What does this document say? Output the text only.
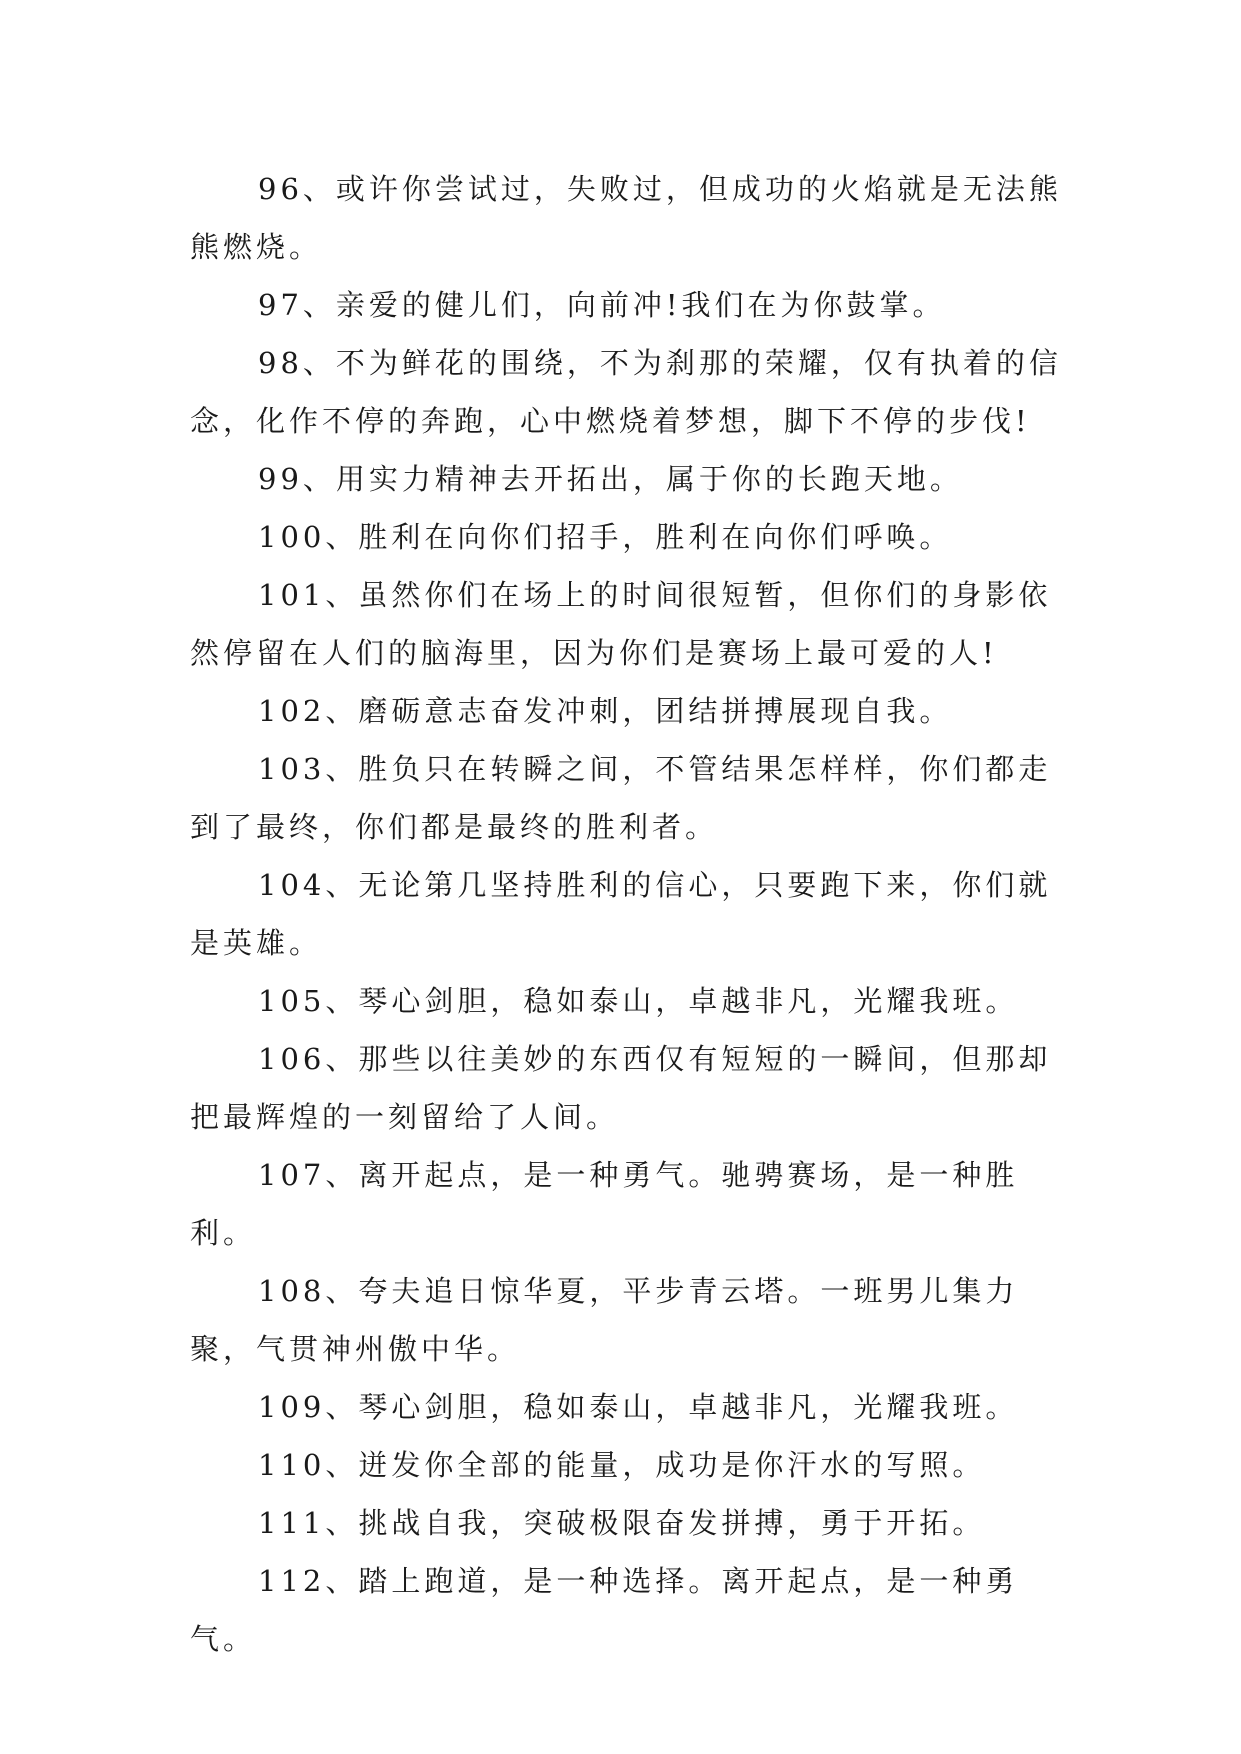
96、或许你尝试过，失败过，但成功的火焰就是无法熊熊燃烧。

97、亲爱的健儿们，向前冲!我们在为你鼓掌。

98、不为鲜花的围绕，不为刹那的荣耀，仅有执着的信念，化作不停的奔跑，心中燃烧着梦想，脚下不停的步伐!

99、用实力精神去开拓出，属于你的长跑天地。

100、胜利在向你们招手，胜利在向你们呼唤。

101、虽然你们在场上的时间很短暂，但你们的身影依然停留在人们的脑海里，因为你们是赛场上最可爱的人!

102、磨砺意志奋发冲刺，团结拼搏展现自我。

103、胜负只在转瞬之间，不管结果怎样样，你们都走到了最终，你们都是最终的胜利者。

104、无论第几坚持胜利的信心，只要跑下来，你们就是英雄。

105、琴心剑胆，稳如泰山，卓越非凡，光耀我班。

106、那些以往美妙的东西仅有短短的一瞬间，但那却把最辉煌的一刻留给了人间。

107、离开起点，是一种勇气。驰骋赛场，是一种胜利。

108、夸夫追日惊华夏，平步青云塔。一班男儿集力聚，气贯神州傲中华。

109、琴心剑胆，稳如泰山，卓越非凡，光耀我班。

110、迸发你全部的能量，成功是你汗水的写照。

111、挑战自我，突破极限奋发拼搏，勇于开拓。

112、踏上跑道，是一种选择。离开起点，是一种勇气。
